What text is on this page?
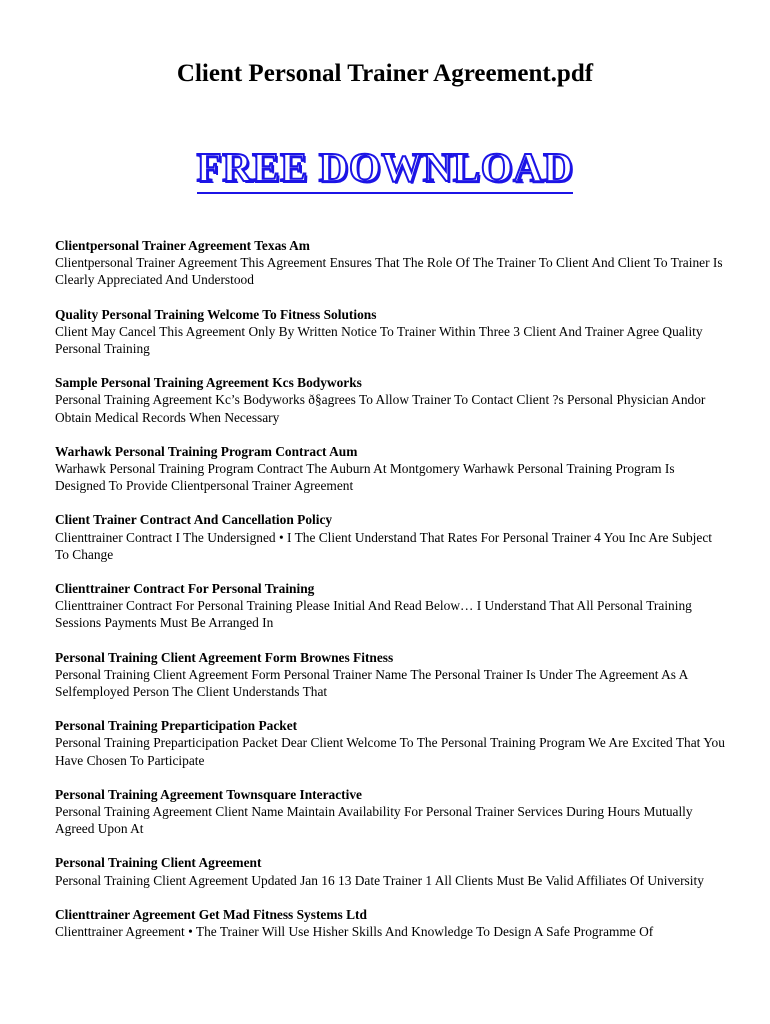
Client Personal Trainer Agreement.pdf
FREE DOWNLOAD
Clientpersonal Trainer Agreement Texas Am
Clientpersonal Trainer Agreement This Agreement Ensures That The Role Of The Trainer To Client And Client To Trainer Is Clearly Appreciated And Understood
Quality Personal Training Welcome To Fitness Solutions
Client May Cancel This Agreement Only By Written Notice To Trainer Within Three 3 Client And Trainer Agree Quality Personal Training
Sample Personal Training Agreement Kcs Bodyworks
Personal Training Agreement Kc’s Bodyworks ð§agrees To Allow Trainer To Contact Client ?s Personal Physician Andor Obtain Medical Records When Necessary
Warhawk Personal Training Program Contract Aum
Warhawk Personal Training Program Contract The Auburn At Montgomery Warhawk Personal Training Program Is Designed To Provide Clientpersonal Trainer Agreement
Client Trainer Contract And Cancellation Policy
Clienttrainer Contract I The Undersigned • I The Client Understand That Rates For Personal Trainer 4 You Inc Are Subject To Change
Clienttrainer Contract For Personal Training
Clienttrainer Contract For Personal Training Please Initial And Read Below… I Understand That All Personal Training Sessions Payments Must Be Arranged In
Personal Training Client Agreement Form Brownes Fitness
Personal Training Client Agreement Form Personal Trainer Name The Personal Trainer Is Under The Agreement As A Selfemployed Person The Client Understands That
Personal Training Preparticipation Packet
Personal Training Preparticipation Packet Dear Client Welcome To The Personal Training Program We Are Excited That You Have Chosen To Participate
Personal Training Agreement Townsquare Interactive
Personal Training Agreement Client Name Maintain Availability For Personal Trainer Services During Hours Mutually Agreed Upon At
Personal Training Client Agreement
Personal Training Client Agreement Updated Jan 16 13 Date Trainer 1 All Clients Must Be Valid Affiliates Of University
Clienttrainer Agreement Get Mad Fitness Systems Ltd
Clienttrainer Agreement • The Trainer Will Use Hisher Skills And Knowledge To Design A Safe Programme Of
